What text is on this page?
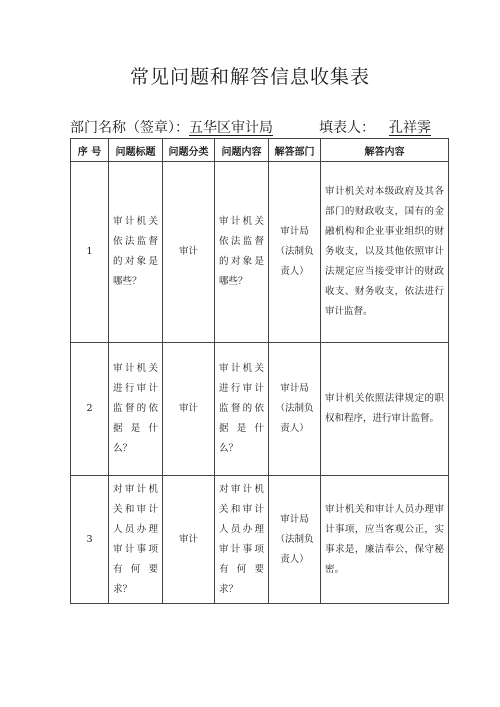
常见问题和解答信息收集表
部门名称（签章）：五华区审计局	填表人： 孔祥霁
序 号	问题标题	问题分类	问题内容	解答部门	解答内容
1	审计机关依法监督的对象是哪些？	审计	审计机关依法监督的对象是哪些？	审计局（法制负责人）	审计机关对本级政府及其各部门的财政收支，国有的金融机构和企业事业组织的财务收支，以及其他依照审计法规定应当接受审计的财政收支、财务收支，依法进行审计监督。
2	审计机关进行审计监督的依据是什么？	审计	审计机关进行审计监督的依据是什么？	审计局（法制负责人）	审计机关依照法律规定的职权和程序，进行审计监督。
3	对审计机关和审计人员办理审计事项有何要求？	审计	对审计机关和审计人员办理审计事项有何要求？	审计局（法制负责人）	审计机关和审计人员办理审计事项，应当客观公正，实事求是，廉洁奉公，保守秘密。
